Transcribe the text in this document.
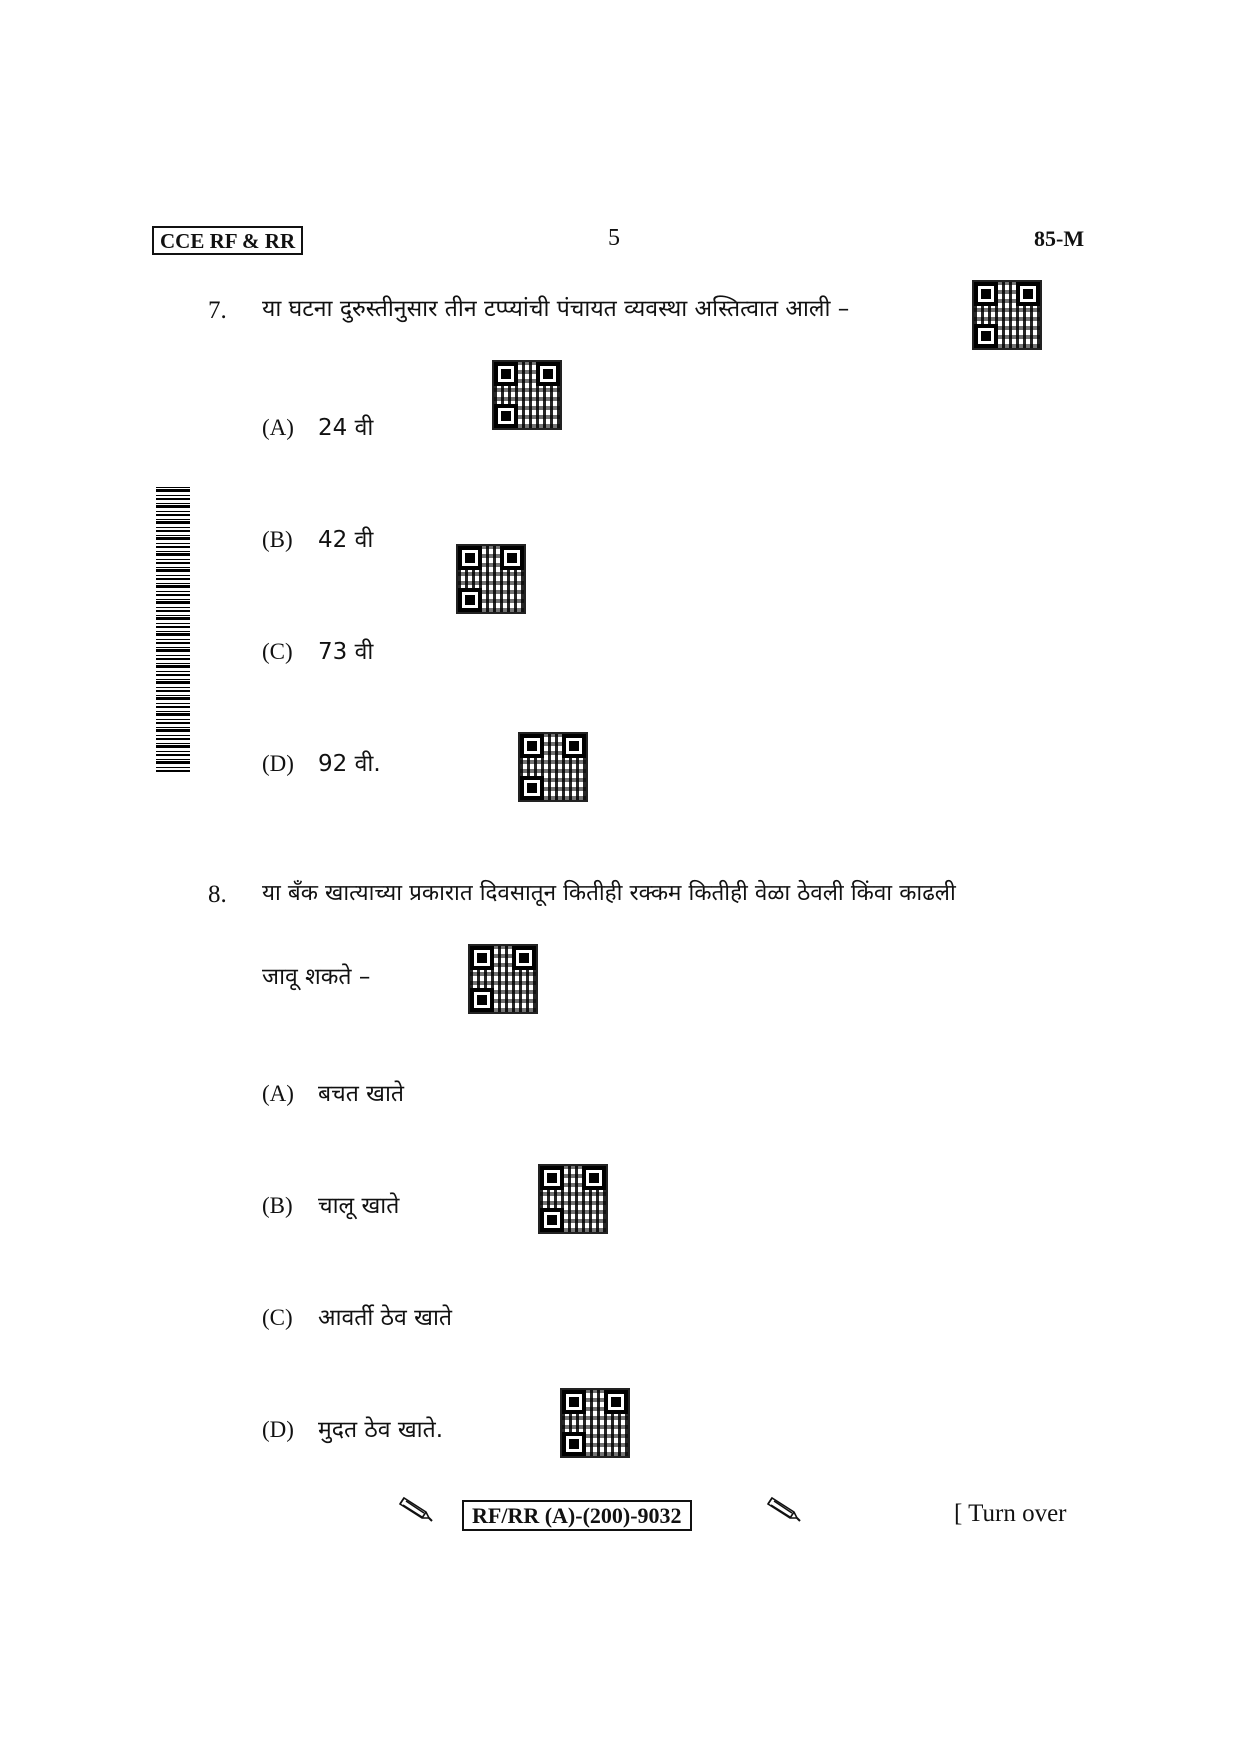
CCE RF & RR	5	85-M
7. या घटना दुरुस्तीनुसार तीन टप्प्यांची पंचायत व्यवस्था अस्तित्वात आली –
(A)	24 वी
(B)	42 वी
(C)	73 वी
(D)	92 वी.
8. या बँक खात्याच्या प्रकारात दिवसातून कितीही रक्कम कितीही वेळा ठेवली किंवा काढली
जावू शकते –
(A)	बचत खाते
(B)	चालू खाते
(C)	आवर्ती ठेव खाते
(D)	मुदत ठेव खाते.
RF/RR (A)-(200)-9032	[ Turn over
